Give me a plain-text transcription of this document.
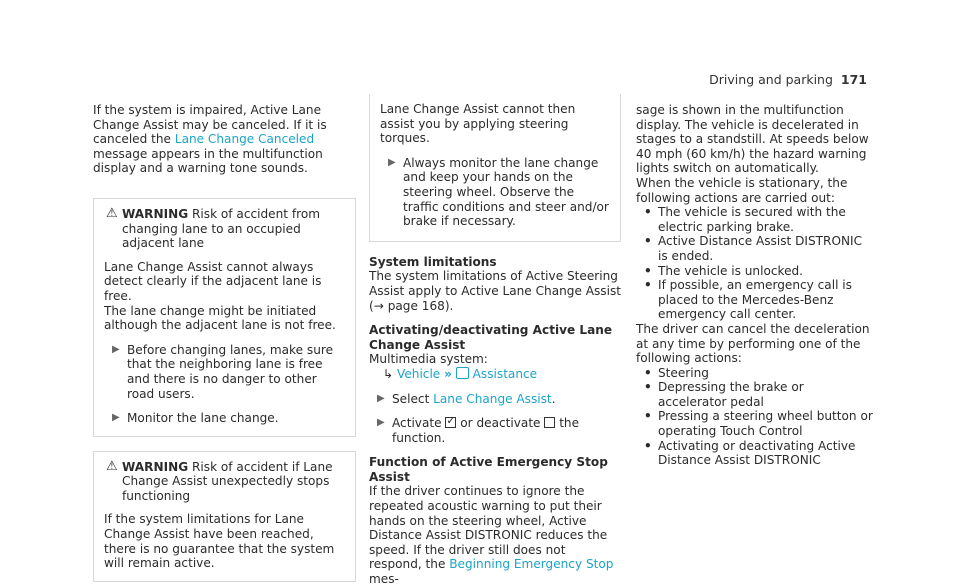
Driving and parking 171

If the system is impaired, Active Lane Change Assist may be canceled. If it is canceled the Lane Change Canceled message appears in the multifunction display and a warning tone sounds.

⚠ WARNING Risk of accident from changing lane to an occupied adjacent lane

Lane Change Assist cannot always detect clearly if the adjacent lane is free.

The lane change might be initiated although the adjacent lane is not free.

▶ Before changing lanes, make sure that the neighboring lane is free and there is no danger to other road users.
▶ Monitor the lane change.
⚠ WARNING Risk of accident if Lane Change Assist unexpectedly stops functioning

If the system limitations for Lane Change Assist have been reached, there is no guarantee that the system will remain active.

Lane Change Assist cannot then assist you by applying steering torques.

▶ Always monitor the lane change and keep your hands on the steering wheel. Observe the traffic conditions and steer and/or brake if necessary.

System limitations

The system limitations of Active Steering Assist apply to Active Lane Change Assist (→ page 168).

Activating/deactivating Active Lane Change Assist

Multimedia system:

↳ Vehicle » Assistance

▶ Select Lane Change Assist.
▶ Activate ✓ or deactivate  the function.

Function of Active Emergency Stop Assist

If the driver continues to ignore the repeated acoustic warning to put their hands on the steering wheel, Active Distance Assist DISTRONIC reduces the speed. If the driver still does not respond, the Beginning Emergency Stop mes-

sage is shown in the multifunction display. The vehicle is decelerated in stages to a standstill. At speeds below 40 mph (60 km/h) the hazard warning lights switch on automatically.

When the vehicle is stationary, the following actions are carried out:

• The vehicle is secured with the electric parking brake.
• Active Distance Assist DISTRONIC is ended.
• The vehicle is unlocked.
• If possible, an emergency call is placed to the Mercedes-Benz emergency call center.

The driver can cancel the deceleration at any time by performing one of the following actions:

• Steering
• Depressing the brake or accelerator pedal
• Pressing a steering wheel button or operating Touch Control
• Activating or deactivating Active Distance Assist DISTRONIC
